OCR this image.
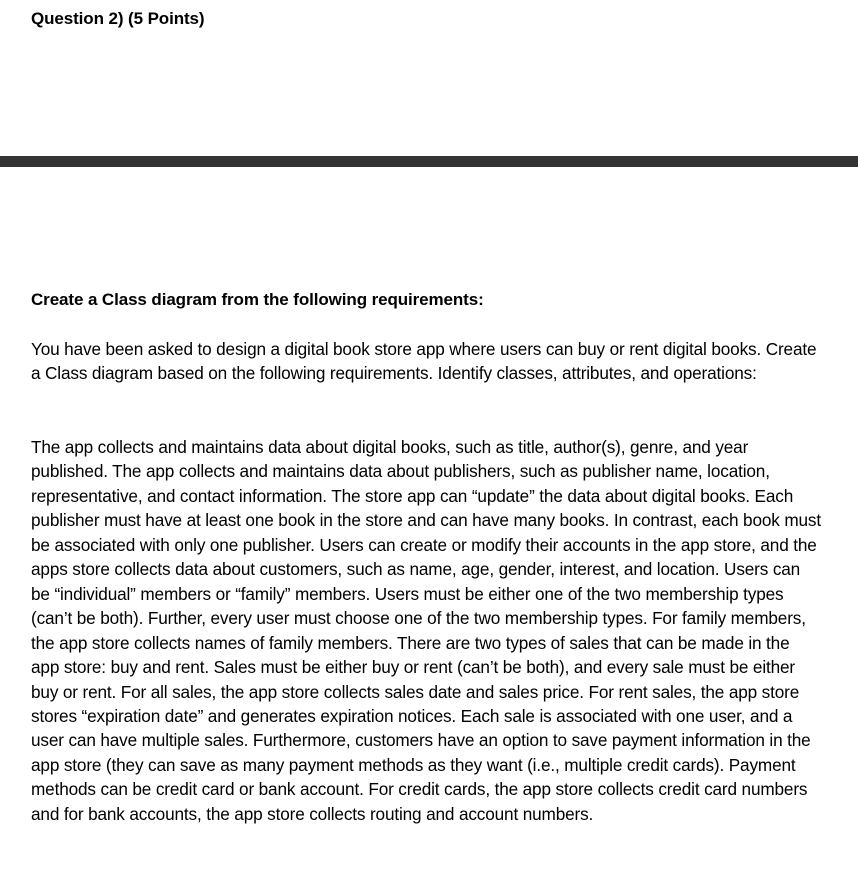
Question 2) (5 Points)
Create a Class diagram from the following requirements:

You have been asked to design a digital book store app where users can buy or rent digital books. Create a Class diagram based on the following requirements. Identify classes, attributes, and operations:

The app collects and maintains data about digital books, such as title, author(s), genre, and year published. The app collects and maintains data about publishers, such as publisher name, location, representative, and contact information. The store app can “update” the data about digital books. Each publisher must have at least one book in the store and can have many books. In contrast, each book must be associated with only one publisher. Users can create or modify their accounts in the app store, and the apps store collects data about customers, such as name, age, gender, interest, and location. Users can be “individual” members or “family” members. Users must be either one of the two membership types (can’t be both). Further, every user must choose one of the two membership types. For family members, the app store collects names of family members. There are two types of sales that can be made in the app store: buy and rent. Sales must be either buy or rent (can’t be both), and every sale must be either buy or rent. For all sales, the app store collects sales date and sales price. For rent sales, the app store stores “expiration date” and generates expiration notices. Each sale is associated with one user, and a user can have multiple sales. Furthermore, customers have an option to save payment information in the app store (they can save as many payment methods as they want (i.e., multiple credit cards). Payment methods can be credit card or bank account. For credit cards, the app store collects credit card numbers and for bank accounts, the app store collects routing and account numbers.
